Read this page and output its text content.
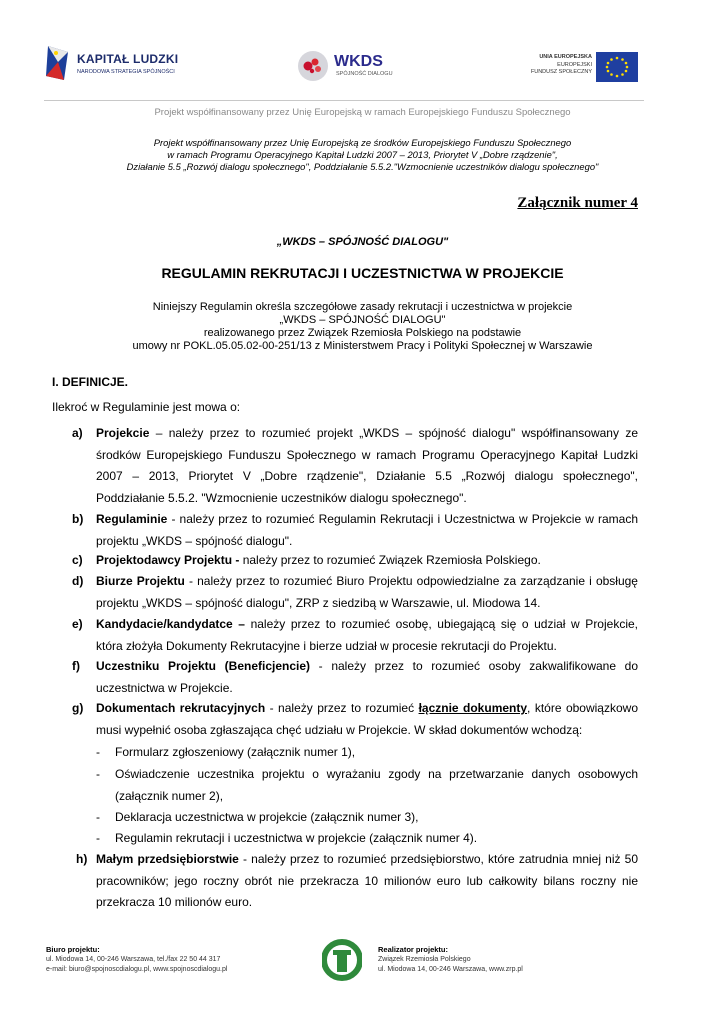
KAPITAŁ LUDZKI
NARODOWA STRATEGIA SPÓJNOŚCI
WKDS
SPÓJNOŚĆ DIALOGU
UNIA EUROPEJSKA
EUROPEJSKI
FUNDUSZ SPOŁECZNY
Projekt współfinansowany przez Unię Europejską w ramach Europejskiego Funduszu Społecznego
Projekt współfinansowany przez Unię Europejską ze środków Europejskiego Funduszu Społecznego
w ramach Programu Operacyjnego Kapitał Ludzki 2007 – 2013, Priorytet V „Dobre rządzenie",
Działanie 5.5 „Rozwój dialogu społecznego", Poddziałanie 5.5.2."Wzmocnienie uczestników dialogu społecznego"
Załącznik numer 4
„WKDS – SPÓJNOŚĆ DIALOGU"
REGULAMIN REKRUTACJI I UCZESTNICTWA W PROJEKCIE
Niniejszy Regulamin określa szczegółowe zasady rekrutacji i uczestnictwa w projekcie
„WKDS – SPÓJNOŚĆ DIALOGU"
realizowanego przez Związek Rzemiosła Polskiego na podstawie
umowy nr POKL.05.05.02-00-251/13 z Ministerstwem Pracy i Polityki Społecznej w Warszawie
I. DEFINICJE.
Ilekroć w Regulaminie jest mowa o:
a) Projekcie – należy przez to rozumieć projekt „WKDS – spójność dialogu" współfinansowany ze środków Europejskiego Funduszu Społecznego w ramach Programu Operacyjnego Kapitał Ludzki 2007 – 2013, Priorytet V „Dobre rządzenie", Działanie 5.5 „Rozwój dialogu społecznego", Poddziałanie 5.5.2. "Wzmocnienie uczestników dialogu społecznego".
b) Regulaminie - należy przez to rozumieć Regulamin Rekrutacji i Uczestnictwa w Projekcie w ramach projektu „WKDS – spójność dialogu".
c) Projektodawcy Projektu - należy przez to rozumieć Związek Rzemiosła Polskiego.
d) Biurze Projektu - należy przez to rozumieć Biuro Projektu odpowiedzialne za zarządzanie i obsługę projektu „WKDS – spójność dialogu", ZRP z siedzibą w Warszawie, ul. Miodowa 14.
e) Kandydacie/kandydatce – należy przez to rozumieć osobę, ubiegającą się o udział w Projekcie, która złożyła Dokumenty Rekrutacyjne i bierze udział w procesie rekrutacji do Projektu.
f) Uczestniku Projektu (Beneficjencie) - należy przez to rozumieć osoby zakwalifikowane do uczestnictwa w Projekcie.
g) Dokumentach rekrutacyjnych - należy przez to rozumieć łącznie dokumenty, które obowiązkowo musi wypełnić osoba zgłaszająca chęć udziału w Projekcie. W skład dokumentów wchodzą:
- Formularz zgłoszeniowy (załącznik numer 1),
- Oświadczenie uczestnika projektu o wyrażaniu zgody na przetwarzanie danych osobowych (załącznik numer 2),
- Deklaracja uczestnictwa w projekcie (załącznik numer 3),
- Regulamin rekrutacji i uczestnictwa w projekcie (załącznik numer 4).
h) Małym przedsiębiorstwie - należy przez to rozumieć przedsiębiorstwo, które zatrudnia mniej niż 50 pracowników; jego roczny obrót nie przekracza 10 milionów euro lub całkowity bilans roczny nie przekracza 10 milionów euro.
Biuro projektu:
ul. Miodowa 14, 00-246 Warszawa, tel./fax 22 50 44 317
e-mail: biuro@spojnoscdialogu.pl, www.spojnoscdialogu.pl
Realizator projektu:
Związek Rzemiosła Polskiego
ul. Miodowa 14, 00-246 Warszawa, www.zrp.pl
